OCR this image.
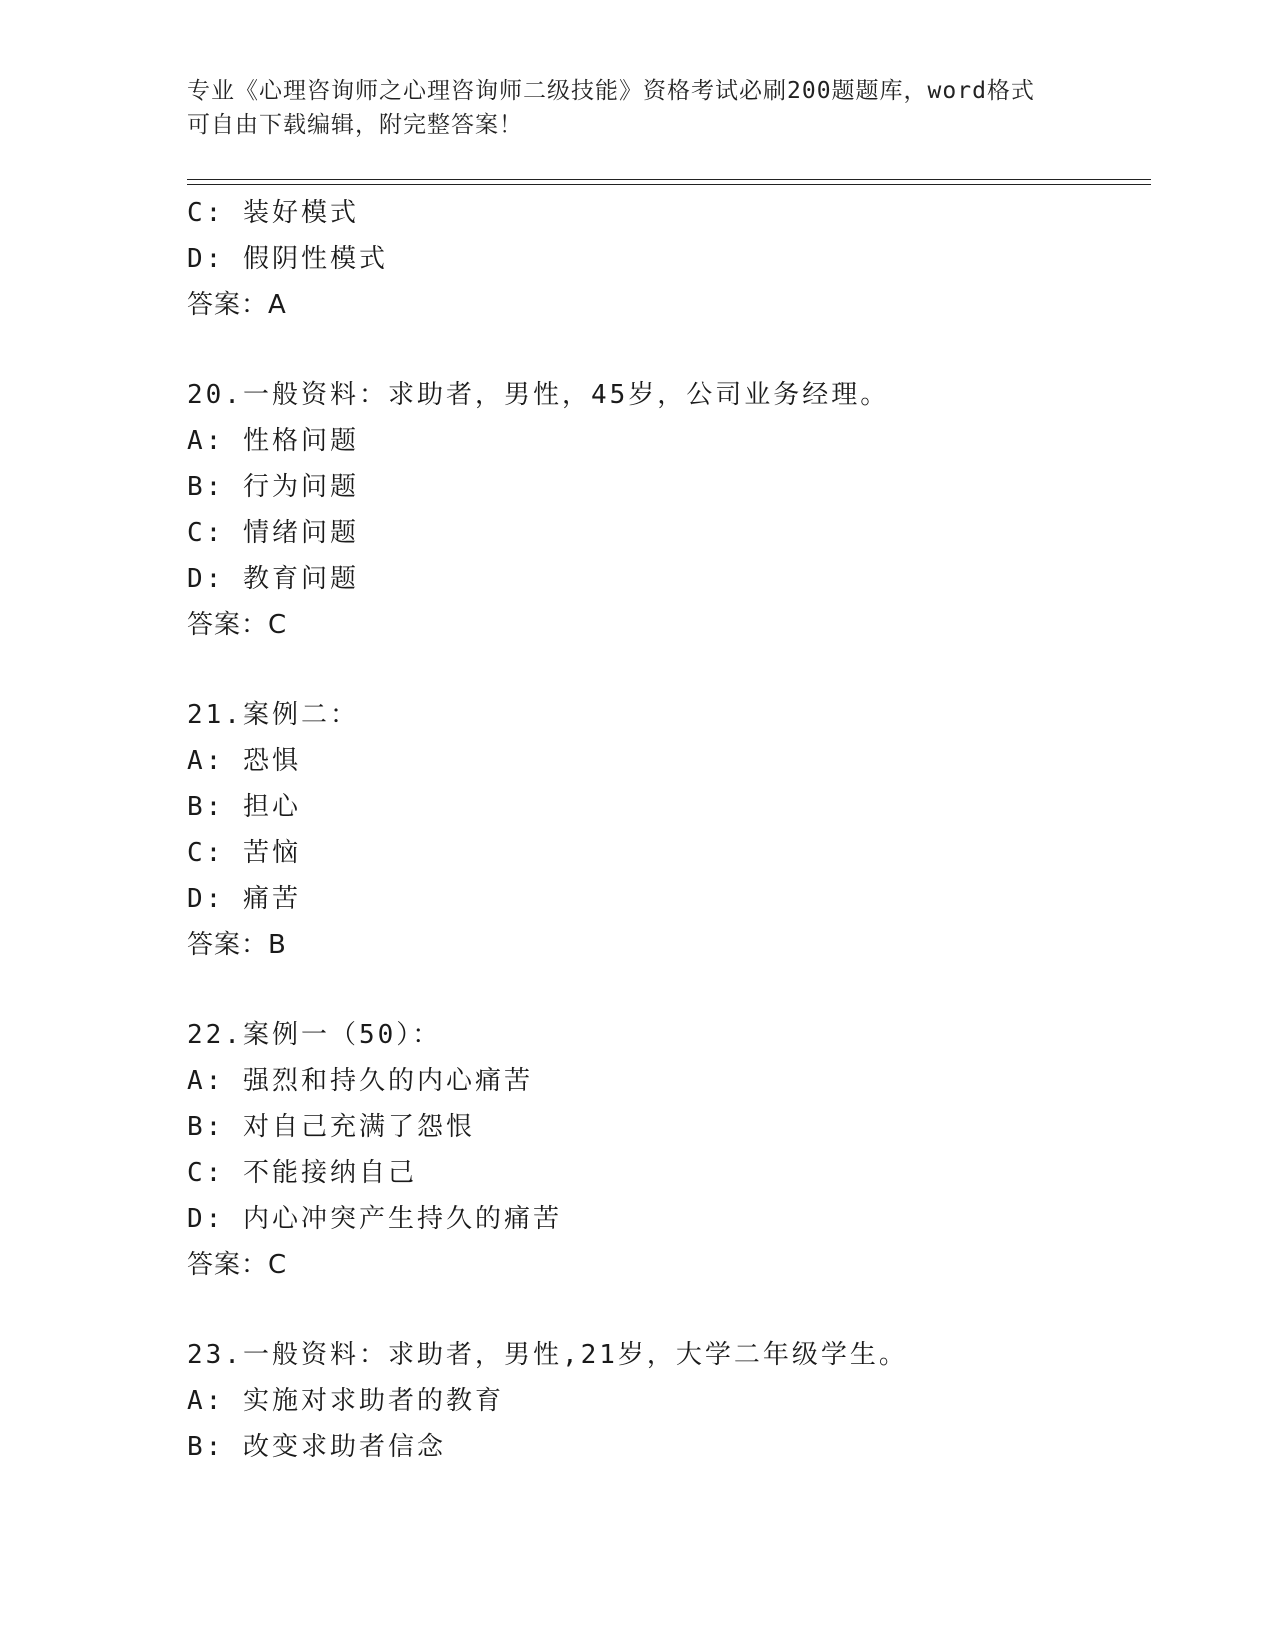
专业《心理咨询师之心理咨询师二级技能》资格考试必刷200题题库，word格式
可自由下载编辑，附完整答案！
C: 装好模式
D: 假阴性模式
答案：A
20.一般资料：求助者，男性，45岁，公司业务经理。
A: 性格问题
B: 行为问题
C: 情绪问题
D: 教育问题
答案：C
21.案例二：
A: 恐惧
B: 担心
C: 苦恼
D: 痛苦
答案：B
22.案例一（50）：
A: 强烈和持久的内心痛苦
B: 对自己充满了怨恨
C: 不能接纳自己
D: 内心冲突产生持久的痛苦
答案：C
23.一般资料：求助者，男性,21岁，大学二年级学生。
A: 实施对求助者的教育
B: 改变求助者信念
